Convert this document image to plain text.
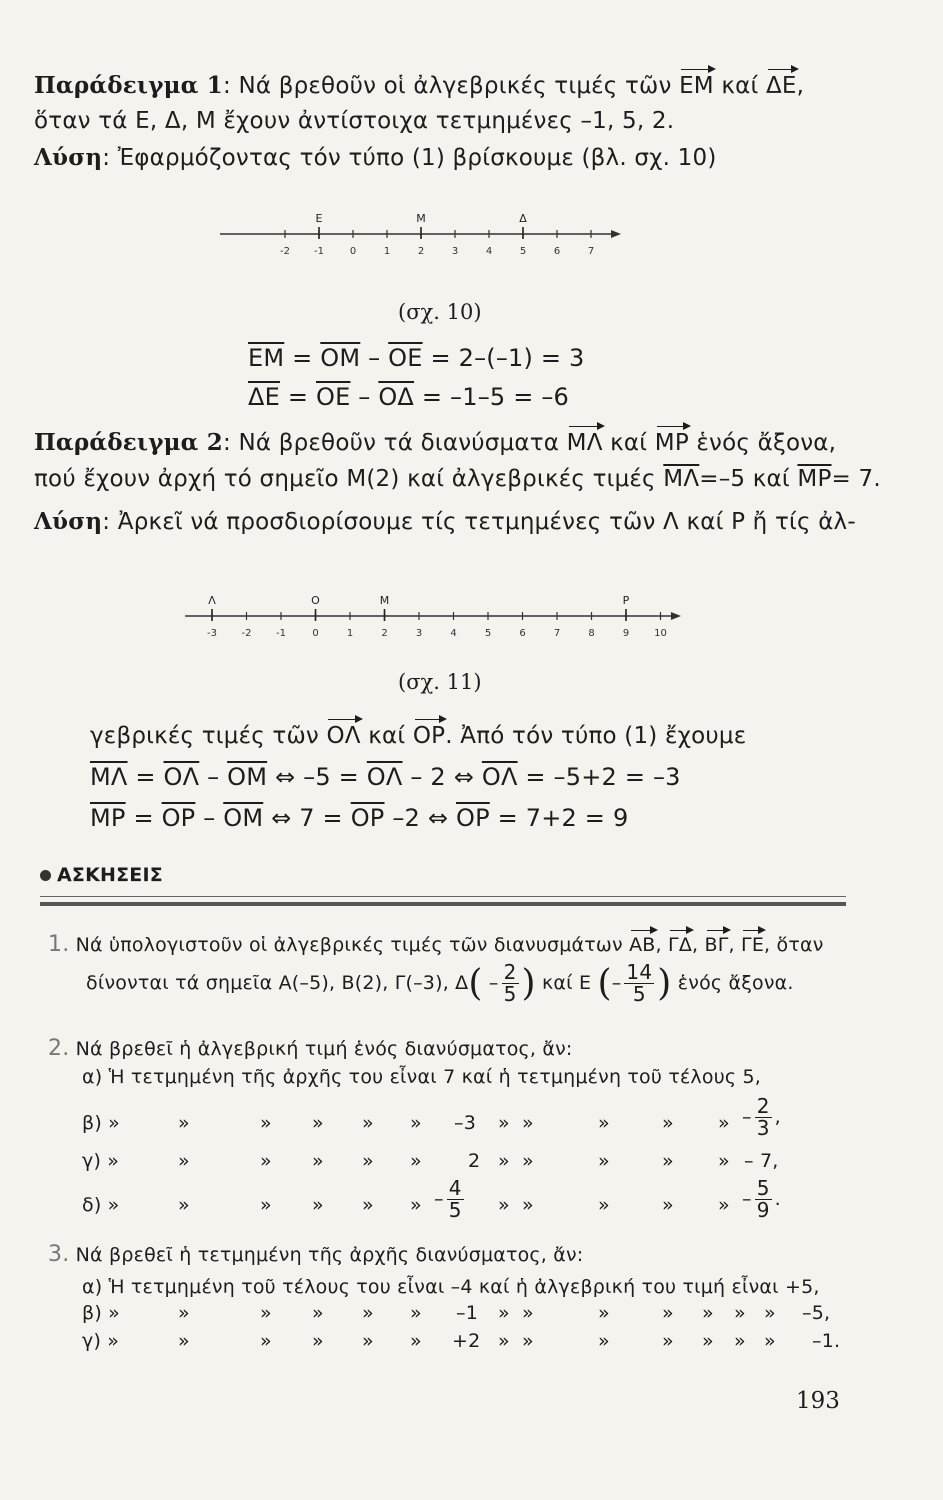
Παράδειγμα 1: Νά βρεθοῦν οἱ ἀλγεβρικές τιμές τῶν EM καί ΔΕ,
ὅταν τά Ε, Δ, Μ ἔχουν ἀντίστοιχα τετμημένες –1, 5, 2.
Λύση: Ἐφαρμόζοντας τόν τύπο (1) βρίσκουμε (βλ. σχ. 10)
-2 -1	0	1	2	3	4	5	6	7
E	M	Δ
(σχ. 10)
$\overline{EM} = \overline{OM} - \overline{OE} = 2-(-1) = 3$
$\overline{\Delta E} = \overline{OE} - \overline{O\Delta} = -1-5 = -6$
Παράδειγμα 2: Νά βρεθοῦν τά διανύσματα MΛ καί MP ἑνός ἄξονα,
πού ἔχουν ἀρχή τό σημεῖο Μ(2) καί ἀλγεβρικές τιμές $\overline{M\Lambda}=-5$ καί $\overline{MP}= 7$.
Λύση: Ἀρκεῖ νά προσδιορίσουμε τίς τετμημένες τῶν Λ καί Ρ ἤ τίς ἀλ-
-3 -2 -1	0	1	2	3	4	5	6	7	8	9 10
Λ	O	M	P
(σχ. 11)
γεβρικές τιμές τῶν OΛ καί OP. Ἀπό τόν τύπο (1) ἔχουμε
$\overline{M\Lambda} = \overline{O\Lambda} - \overline{OM}$ ⇔ $-5 = \overline{O\Lambda} - 2$ ⇔ $\overline{O\Lambda} = -5+2 = -3$
$\overline{MP} = \overline{OP} - \overline{OM}$ ⇔ $7 = \overline{OP}$ –2 ⇔ $\overline{OP} = 7+2 = 9$
ΑΣΚΗΣΕΙΣ
1. Νά ὑπολογιστοῦν οἱ ἀλγεβρικές τιμές τῶν διανυσμάτων AB, ΓΔ, ΒΓ, ΓΕ, ὅταν
δίνονται τά σημεῖα Α(–5), Β(2), Γ(–3), $\Delta( - \frac{2}{5}$ ) καί Ε (– $\frac{14}{5}$ ) ἑνός ἄξονα.
2. Νά βρεθεῖ ἡ ἀλγεβρική τιμή ἑνός διανύσματος, ἄν:
α) Ἡ τετμημένη τῆς ἀρχῆς του εἶναι 7 καί ἡ τετμημένη τοῦ τέλους 5,
β) »	»	» » » » –3 » »	»	» » – $\frac{2}{3}$ ,
γ) »	»	» » » » 2 » »	»	» » – 7,
δ) »	»	» » » » – $\frac{4}{5}$ » »	»	» » – $\frac{5}{9}$ .
3. Νά βρεθεῖ ἡ τετμημένη τῆς ἀρχῆς διανύσματος, ἄν:
α) Ἡ τετμημένη τοῦ τέλους του εἶναι –4 καί ἡ ἀλγεβρική του τιμή εἶναι +5,
β) »	»	» » » » –1 » »	»	» » » » –5,
γ) »	»	» » » » +2 » »	»	» » » » –1.
193
